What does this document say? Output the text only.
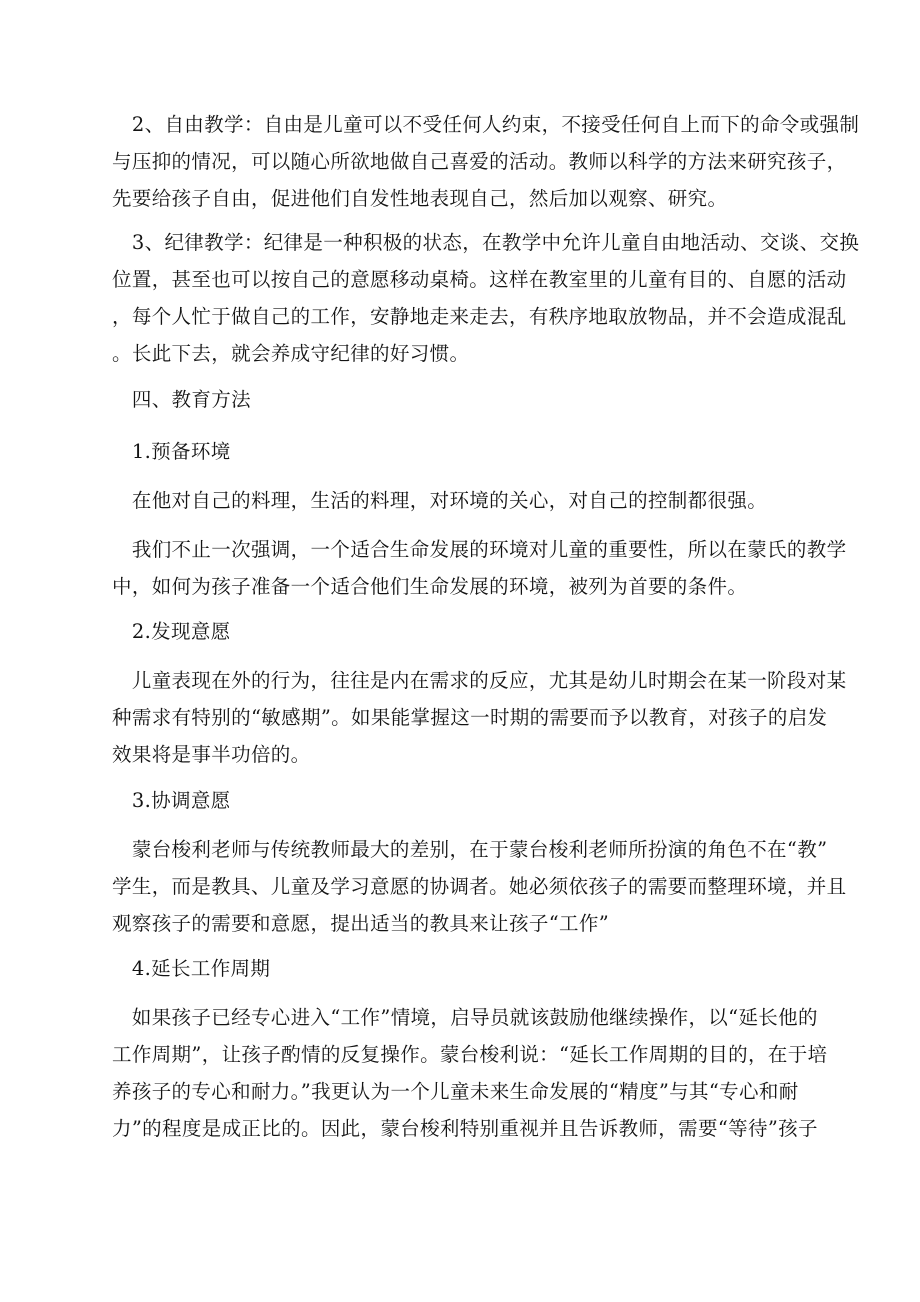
　2、自由教学：自由是儿童可以不受任何人约束，不接受任何自上而下的命令或强制
与压抑的情况，可以随心所欲地做自己喜爱的活动。教师以科学的方法来研究孩子，
先要给孩子自由，促进他们自发性地表现自己，然后加以观察、研究。

　3、纪律教学：纪律是一种积极的状态，在教学中允许儿童自由地活动、交谈、交换
位置，甚至也可以按自己的意愿移动桌椅。这样在教室里的儿童有目的、自愿的活动
，每个人忙于做自己的工作，安静地走来走去，有秩序地取放物品，并不会造成混乱
。长此下去，就会养成守纪律的好习惯。

　四、教育方法

　1.预备环境

　在他对自己的料理，生活的料理，对环境的关心，对自己的控制都很强。

　我们不止一次强调，一个适合生命发展的环境对儿童的重要性，所以在蒙氏的教学
中，如何为孩子准备一个适合他们生命发展的环境，被列为首要的条件。

　2.发现意愿

　儿童表现在外的行为，往往是内在需求的反应，尤其是幼儿时期会在某一阶段对某
种需求有特别的“敏感期”。如果能掌握这一时期的需要而予以教育，对孩子的启发
效果将是事半功倍的。

　3.协调意愿

　蒙台梭利老师与传统教师最大的差别，在于蒙台梭利老师所扮演的角色不在“教”
学生，而是教具、儿童及学习意愿的协调者。她必须依孩子的需要而整理环境，并且
观察孩子的需要和意愿，提出适当的教具来让孩子“工作”

　4.延长工作周期

　如果孩子已经专心进入“工作”情境，启导员就该鼓励他继续操作，以“延长他的
工作周期”，让孩子酌情的反复操作。蒙台梭利说：“延长工作周期的目的，在于培
养孩子的专心和耐力。”我更认为一个儿童未来生命发展的“精度”与其“专心和耐
力”的程度是成正比的。因此，蒙台梭利特别重视并且告诉教师，需要“等待”孩子
